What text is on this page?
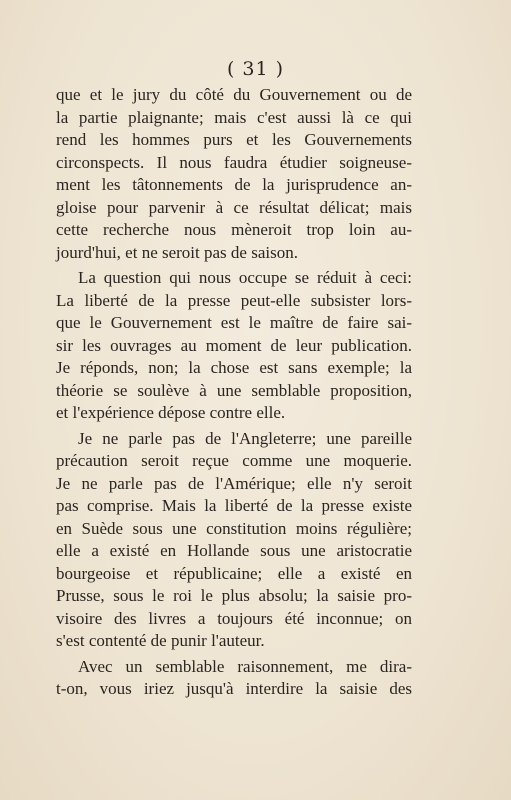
( 31 )

que et le jury du côté du Gouvernement ou de
la partie plaignante; mais c'est aussi là ce qui
rend les hommes purs et les Gouvernements
circonspects. Il nous faudra étudier soigneuse-
ment les tâtonnements de la jurisprudence an-
gloise pour parvenir à ce résultat délicat; mais
cette recherche nous mèneroit trop loin au-
jourd'hui, et ne seroit pas de saison.

La question qui nous occupe se réduit à ceci:
La liberté de la presse peut-elle subsister lors-
que le Gouvernement est le maître de faire sai-
sir les ouvrages au moment de leur publication.
Je réponds, non; la chose est sans exemple; la
théorie se soulève à une semblable proposition,
et l'expérience dépose contre elle.

Je ne parle pas de l'Angleterre; une pareille
précaution seroit reçue comme une moquerie.
Je ne parle pas de l'Amérique; elle n'y seroit
pas comprise. Mais la liberté de la presse existe
en Suède sous une constitution moins régulière;
elle a existé en Hollande sous une aristocratie
bourgeoise et républicaine; elle a existé en
Prusse, sous le roi le plus absolu; la saisie pro-
visoire des livres a toujours été inconnue; on
s'est contenté de punir l'auteur.

Avec un semblable raisonnement, me dira-
t-on, vous iriez jusqu'à interdire la saisie des
